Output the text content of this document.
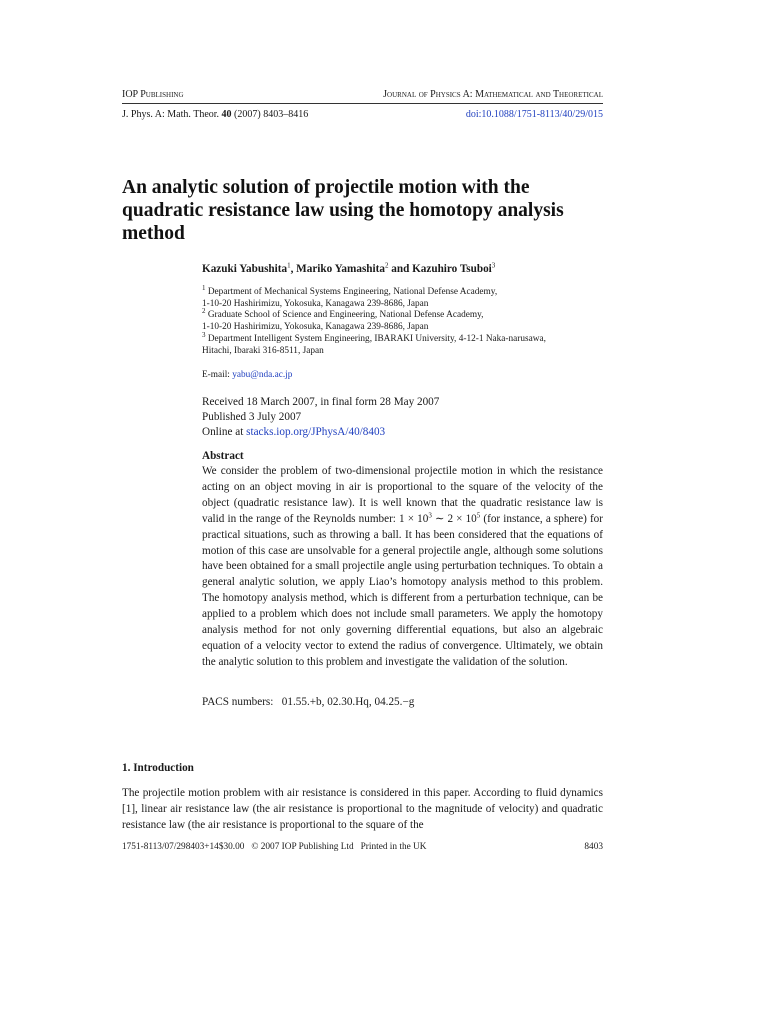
IOP Publishing	Journal of Physics A: Mathematical and Theoretical
J. Phys. A: Math. Theor. 40 (2007) 8403–8416	doi:10.1088/1751-8113/40/29/015
An analytic solution of projectile motion with the quadratic resistance law using the homotopy analysis method
Kazuki Yabushita$^1$, Mariko Yamashita$^2$ and Kazuhiro Tsuboi$^3$
$^1$ Department of Mechanical Systems Engineering, National Defense Academy,
1-10-20 Hashirimizu, Yokosuka, Kanagawa 239-8686, Japan
$^2$ Graduate School of Science and Engineering, National Defense Academy,
1-10-20 Hashirimizu, Yokosuka, Kanagawa 239-8686, Japan
$^3$ Department Intelligent System Engineering, IBARAKI University, 4-12-1 Naka-narusawa,
Hitachi, Ibaraki 316-8511, Japan
E-mail: yabu@nda.ac.jp
Received 18 March 2007, in final form 28 May 2007
Published 3 July 2007
Online at stacks.iop.org/JPhysA/40/8403
Abstract
We consider the problem of two-dimensional projectile motion in which the resistance acting on an object moving in air is proportional to the square of the velocity of the object (quadratic resistance law). It is well known that the quadratic resistance law is valid in the range of the Reynolds number: $1 \times 10^3$ ∼ $2 \times 10^5$ (for instance, a sphere) for practical situations, such as throwing a ball. It has been considered that the equations of motion of this case are unsolvable for a general projectile angle, although some solutions have been obtained for a small projectile angle using perturbation techniques. To obtain a general analytic solution, we apply Liao’s homotopy analysis method to this problem. The homotopy analysis method, which is different from a perturbation technique, can be applied to a problem which does not include small parameters. We apply the homotopy analysis method for not only governing differential equations, but also an algebraic equation of a velocity vector to extend the radius of convergence. Ultimately, we obtain the analytic solution to this problem and investigate the validation of the solution.
PACS numbers: 01.55.+b, 02.30.Hq, 04.25.−g
1. Introduction
The projectile motion problem with air resistance is considered in this paper. According to fluid dynamics [1], linear air resistance law (the air resistance is proportional to the magnitude of velocity) and quadratic resistance law (the air resistance is proportional to the square of the
1751-8113/07/298403+14$30.00   © 2007 IOP Publishing Ltd   Printed in the UK	8403
